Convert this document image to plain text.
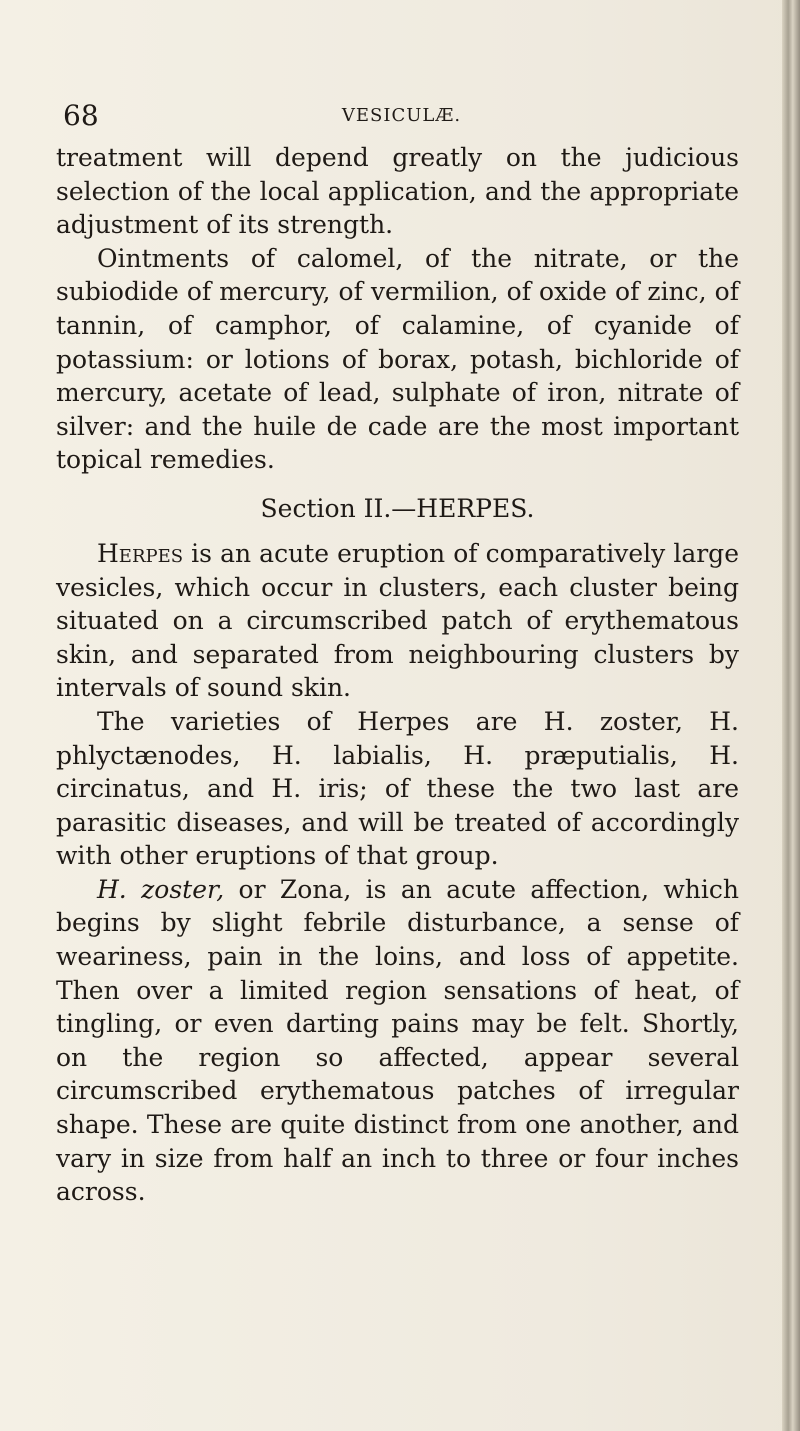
68	VESICULÆ.

treatment will depend greatly on the judicious selection of the local application, and the appropriate adjustment of its strength.

Ointments of calomel, of the nitrate, or the subiodide of mercury, of vermilion, of oxide of zinc, of tannin, of camphor, of calamine, of cyanide of potassium: or lotions of borax, potash, bichloride of mercury, acetate of lead, sulphate of iron, nitrate of silver: and the huile de cade are the most important topical remedies.

Section II.—HERPES.

Herpes is an acute eruption of comparatively large vesicles, which occur in clusters, each cluster being situated on a circumscribed patch of erythematous skin, and separated from neighbouring clusters by intervals of sound skin.

The varieties of Herpes are H. zoster, H. phlyctænodes, H. labialis, H. præputialis, H. circinatus, and H. iris; of these the two last are parasitic diseases, and will be treated of accordingly with other eruptions of that group.

H. zoster, or Zona, is an acute affection, which begins by slight febrile disturbance, a sense of weariness, pain in the loins, and loss of appetite. Then over a limited region sensations of heat, of tingling, or even darting pains may be felt. Shortly, on the region so affected, appear several circumscribed erythematous patches of irregular shape. These are quite distinct from one another, and vary in size from half an inch to three or four inches across.
